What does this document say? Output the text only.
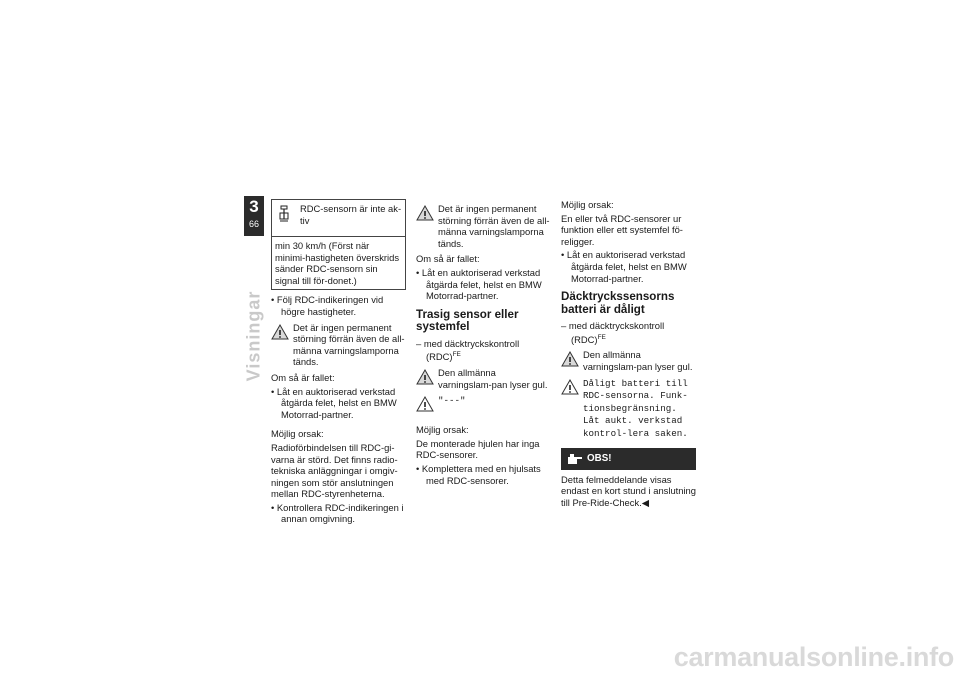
3
66
Visningar
RDC-sensorn är inte ak-tiv
min 30 km/h (Först när minimi-hastigheten överskrids sänder RDC-sensorn sin signal till för-donet.)
• Följ RDC-indikeringen vid högre hastigheter.
Det är ingen permanent störning förrän även de all-männa varningslamporna tänds.
Om så är fallet:
• Låt en auktoriserad verkstad åtgärda felet, helst en BMW Motorrad-partner.
Möjlig orsak:
Radioförbindelsen till RDC-gi-varna är störd. Det finns radio-tekniska anläggningar i omgiv-ningen som stör anslutningen mellan RDC-styrenheterna.
• Kontrollera RDC-indikeringen i annan omgivning.
Det är ingen permanent störning förrän även de all-männa varningslamporna tänds.
Om så är fallet:
• Låt en auktoriserad verkstad åtgärda felet, helst en BMW Motorrad-partner.
Trasig sensor eller systemfel
– med däcktryckskontroll (RDC)$^{FE}$
Den allmänna varningslam-pan lyser gul.
"---"
Möjlig orsak:
De monterade hjulen har inga RDC-sensorer.
• Komplettera med en hjulsats med RDC-sensorer.
Möjlig orsak:
En eller två RDC-sensorer ur funktion eller ett systemfel fö-religger.
• Låt en auktoriserad verkstad åtgärda felet, helst en BMW Motorrad-partner.
Däcktryckssensorns batteri är dåligt
– med däcktryckskontroll (RDC)$^{FE}$
Den allmänna varningslam-pan lyser gul.
Dåligt batteri till RDC-sensorna. Funk-tionsbegränsning. Låt aukt. verkstad kontrol-lera saken.
OBS!
Detta felmeddelande visas endast en kort stund i anslutning till Pre-Ride-Check.◀
carmanualsonline.info
